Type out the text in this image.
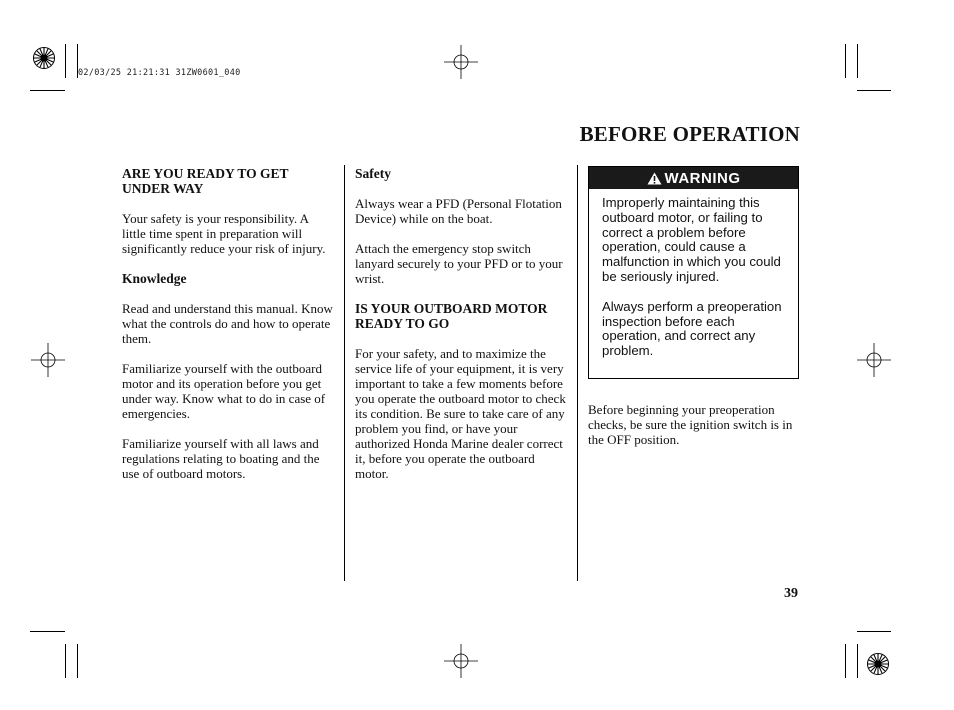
02/03/25 21:21:31 31ZW0601_040
BEFORE OPERATION

ARE YOU READY TO GET UNDER WAY

Your safety is your responsibility. A little time spent in preparation will significantly reduce your risk of injury.

Knowledge

Read and understand this manual. Know what the controls do and how to operate them.

Familiarize yourself with the outboard motor and its operation before you get under way. Know what to do in case of emergencies.

Familiarize yourself with all laws and regulations relating to boating and the use of outboard motors.

Safety

Always wear a PFD (Personal Flotation Device) while on the boat.

Attach the emergency stop switch lanyard securely to your PFD or to your wrist.

IS YOUR OUTBOARD MOTOR READY TO GO

For your safety, and to maximize the service life of your equipment, it is very important to take a few moments before you operate the outboard motor to check its condition. Be sure to take care of any problem you find, or have your authorized Honda Marine dealer correct it, before you operate the outboard motor.

WARNING

Improperly maintaining this outboard motor, or failing to correct a problem before operation, could cause a malfunction in which you could be seriously injured.

Always perform a preoperation inspection before each operation, and correct any problem.

Before beginning your preoperation checks, be sure the ignition switch is in the OFF position.
39
